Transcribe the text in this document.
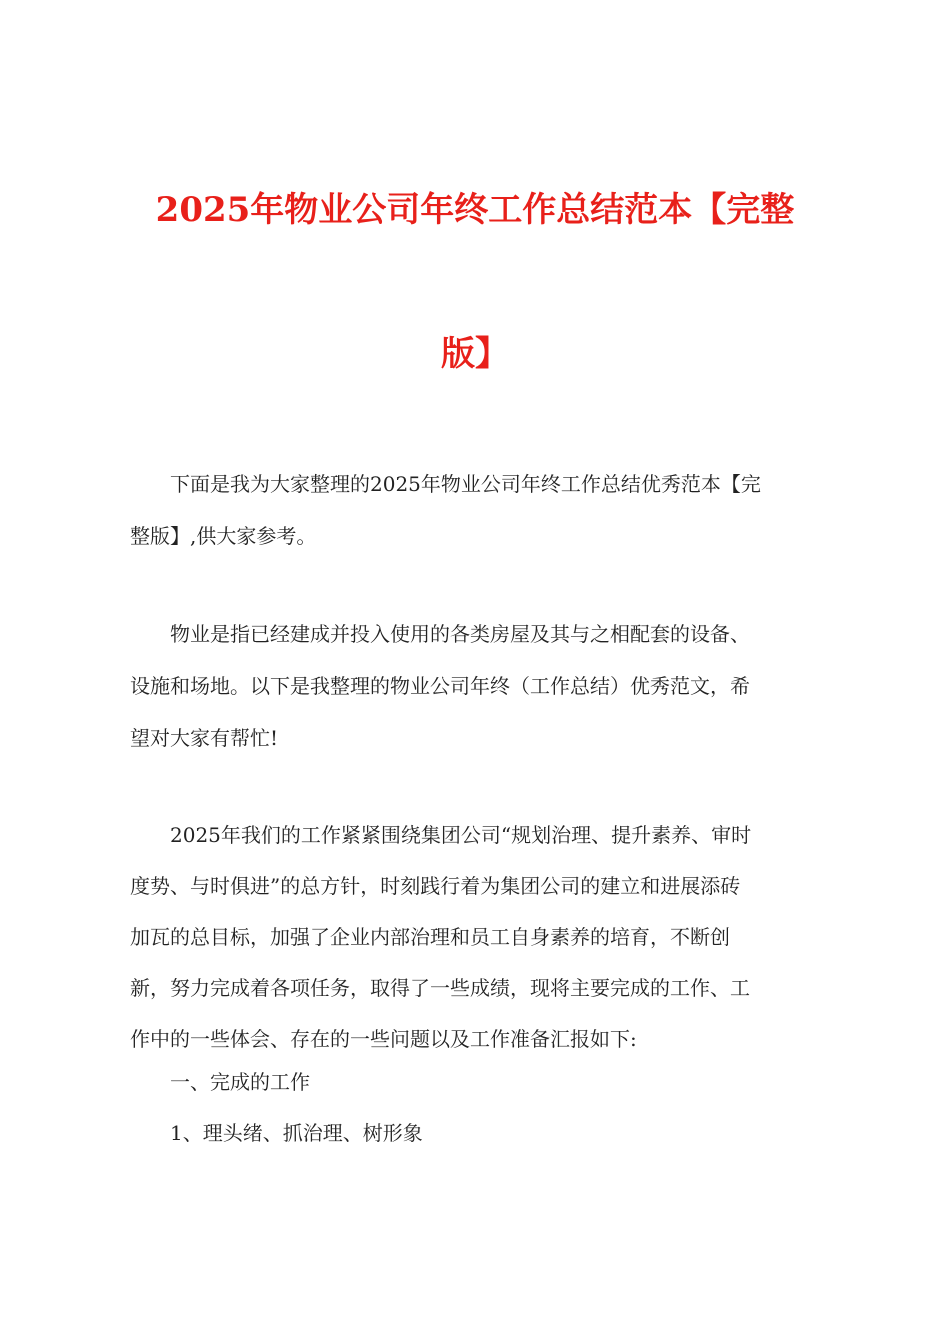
2025年物业公司年终工作总结范本【完整
版】
　　下面是我为大家整理的2025年物业公司年终工作总结优秀范本【完
整版】,供大家参考。
　　物业是指已经建成并投入使用的各类房屋及其与之相配套的设备、
设施和场地。以下是我整理的物业公司年终（工作总结）优秀范文，希
望对大家有帮忙!
　　2025年我们的工作紧紧围绕集团公司“规划治理、提升素养、审时
度势、与时俱进”的总方针，时刻践行着为集团公司的建立和进展添砖
加瓦的总目标，加强了企业内部治理和员工自身素养的培育，不断创
新，努力完成着各项任务，取得了一些成绩，现将主要完成的工作、工
作中的一些体会、存在的一些问题以及工作准备汇报如下:
　　一、完成的工作
　　1、理头绪、抓治理、树形象
